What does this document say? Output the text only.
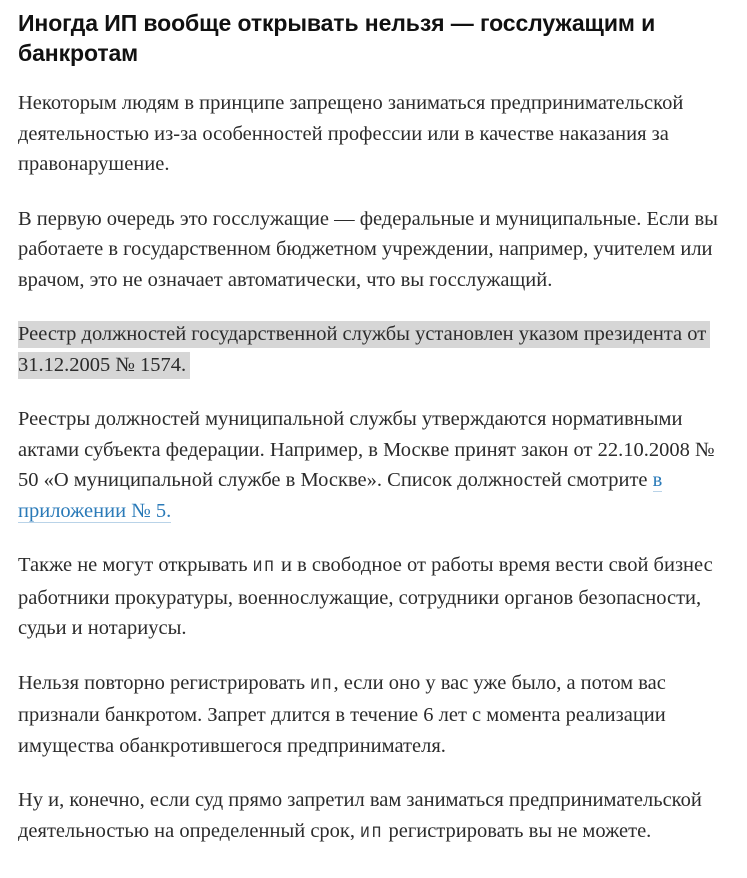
Иногда ИП вообще открывать нельзя — госслужащим и банкротам

Некоторым людям в принципе запрещено заниматься предпринимательской деятельностью из-за особенностей профессии или в качестве наказания за правонарушение.

В первую очередь это госслужащие — федеральные и муниципальные. Если вы работаете в государственном бюджетном учреждении, например, учителем или врачом, это не означает автоматически, что вы госслужащий.

Реестр должностей государственной службы установлен указом президента от 31.12.2005 № 1574.

Реестры должностей муниципальной службы утверждаются нормативными актами субъекта федерации. Например, в Москве принят закон от 22.10.2008 № 50 «О муниципальной службе в Москве». Список должностей смотрите в приложении № 5.

Также не могут открывать ИП и в свободное от работы время вести свой бизнес работники прокуратуры, военнослужащие, сотрудники органов безопасности, судьи и нотариусы.

Нельзя повторно регистрировать ИП, если оно у вас уже было, а потом вас признали банкротом. Запрет длится в течение 6 лет с момента реализации имущества обанкротившегося предпринимателя.

Ну и, конечно, если суд прямо запретил вам заниматься предпринимательской деятельностью на определенный срок, ИП регистрировать вы не можете.
